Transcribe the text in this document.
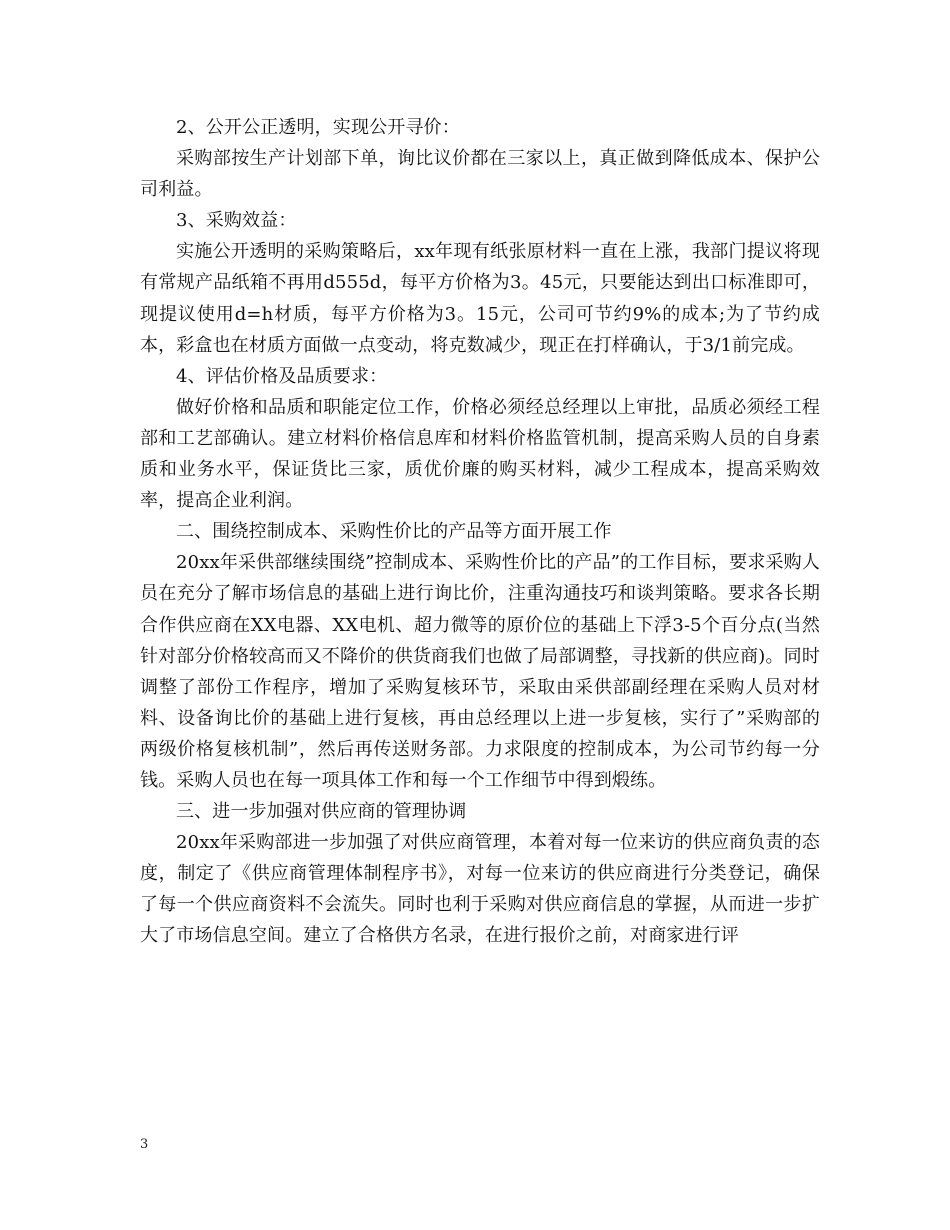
2、公开公正透明，实现公开寻价：

采购部按生产计划部下单，询比议价都在三家以上，真正做到降低成本、保护公司利益。

3、采购效益：

实施公开透明的采购策略后，xx年现有纸张原材料一直在上涨，我部门提议将现有常规产品纸箱不再用d555d，每平方价格为3。45元，只要能达到出口标准即可，现提议使用d=h材质，每平方价格为3。15元，公司可节约9%的成本;为了节约成本，彩盒也在材质方面做一点变动，将克数减少，现正在打样确认，于3/1前完成。

4、评估价格及品质要求：

做好价格和品质和职能定位工作，价格必须经总经理以上审批，品质必须经工程部和工艺部确认。建立材料价格信息库和材料价格监管机制，提高采购人员的自身素质和业务水平，保证货比三家，质优价廉的购买材料，减少工程成本，提高采购效率，提高企业利润。

二、围绕控制成本、采购性价比的产品等方面开展工作

20xx年采供部继续围绕”控制成本、采购性价比的产品”的工作目标，要求采购人员在充分了解市场信息的基础上进行询比价，注重沟通技巧和谈判策略。要求各长期合作供应商在XX电器、XX电机、超力微等的原价位的基础上下浮3-5个百分点(当然针对部分价格较高而又不降价的供货商我们也做了局部调整，寻找新的供应商)。同时调整了部份工作程序，增加了采购复核环节，采取由采供部副经理在采购人员对材料、设备询比价的基础上进行复核，再由总经理以上进一步复核，实行了”采购部的两级价格复核机制”，然后再传送财务部。力求限度的控制成本，为公司节约每一分钱。采购人员也在每一项具体工作和每一个工作细节中得到煅练。

三、进一步加强对供应商的管理协调

20xx年采购部进一步加强了对供应商管理，本着对每一位来访的供应商负责的态度，制定了《供应商管理体制程序书》，对每一位来访的供应商进行分类登记，确保了每一个供应商资料不会流失。同时也利于采购对供应商信息的掌握，从而进一步扩大了市场信息空间。建立了合格供方名录，在进行报价之前，对商家进行评

3
